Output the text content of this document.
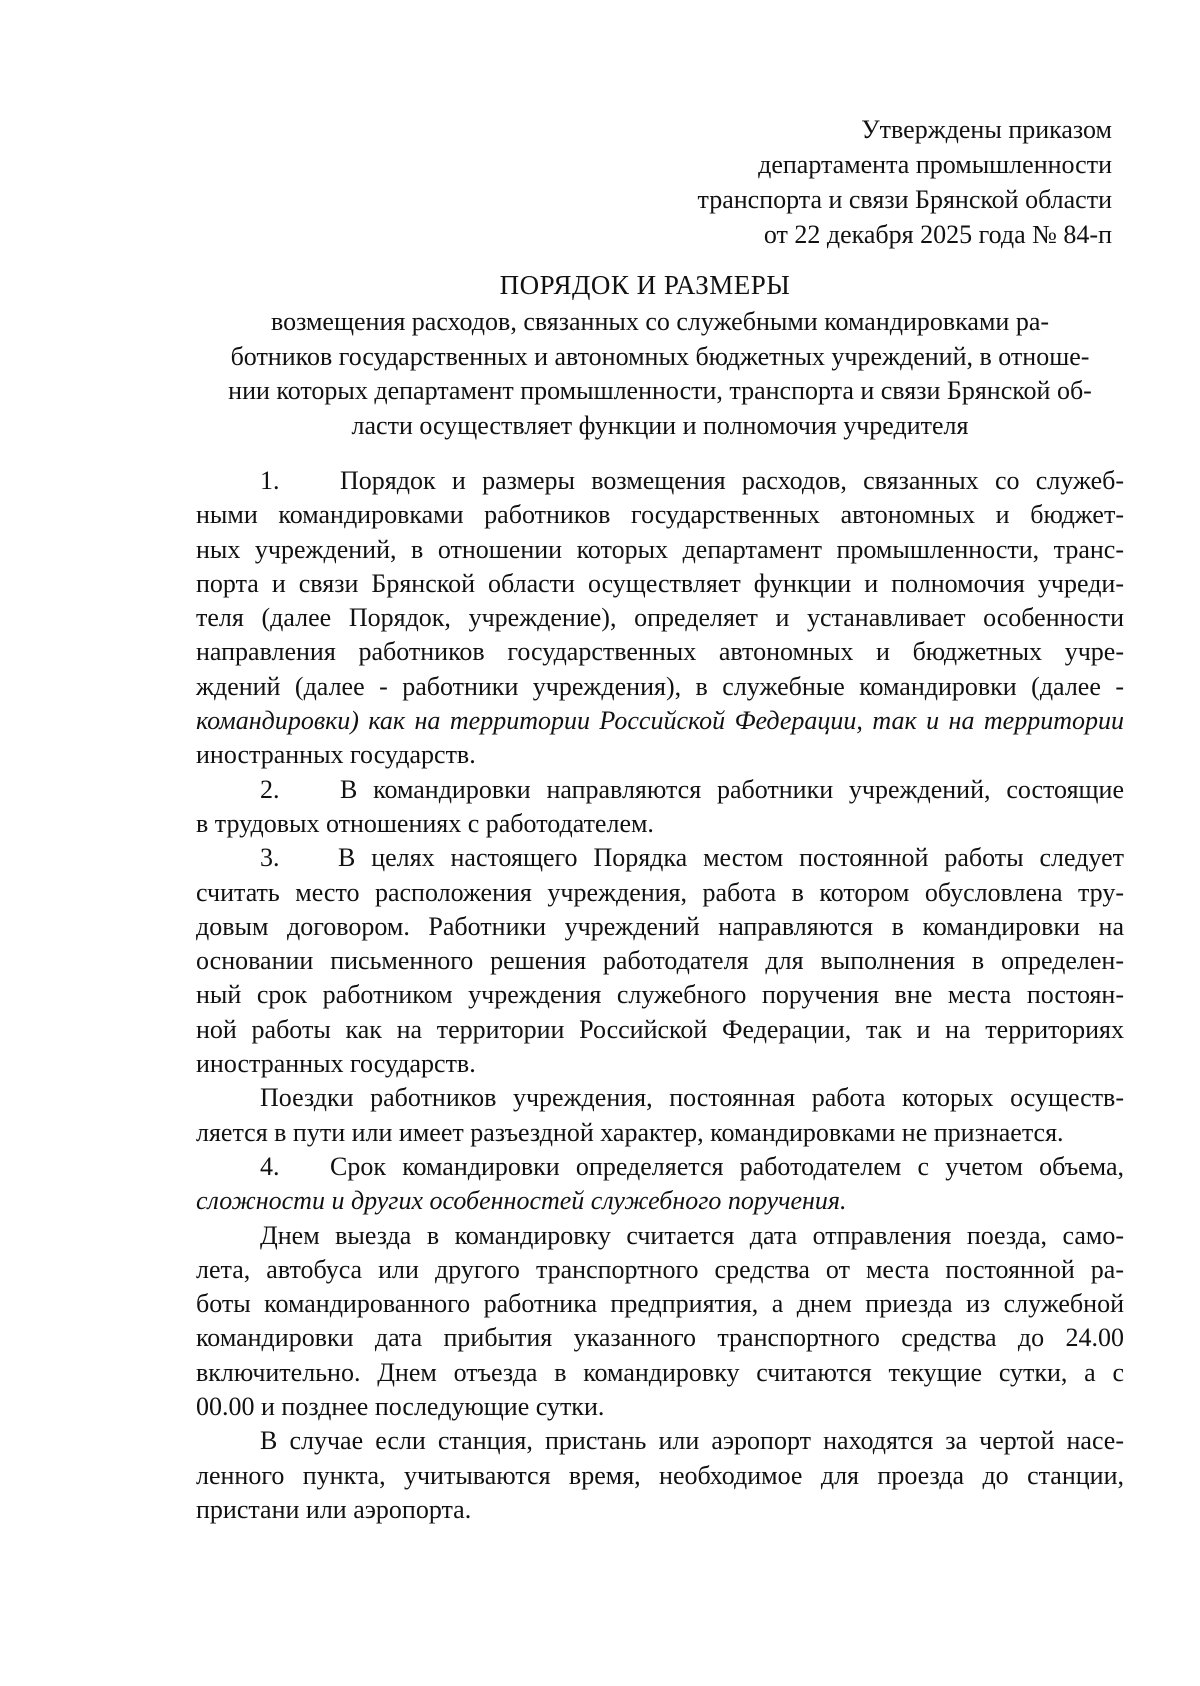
Утверждены приказом
департамента промышленности
транспорта и связи Брянской области
от 22 декабря 2025 года № 84-п
ПОРЯДОК И РАЗМЕРЫ
возмещения расходов, связанных со служебными командировками ра-
ботников государственных и автономных бюджетных учреждений, в отноше-
нии которых департамент промышленности, транспорта и связи Брянской об-
ласти осуществляет функции и полномочия учредителя
1. Порядок и размеры возмещения расходов, связанных со служеб-
ными командировками работников государственных автономных и бюджет-
ных учреждений, в отношении которых департамент промышленности, транс-
порта и связи Брянской области осуществляет функции и полномочия учреди-
теля (далее Порядок, учреждение), определяет и устанавливает особенности
направления работников государственных автономных и бюджетных учре-
ждений (далее - работники учреждения), в служебные командировки (далее -
командировки) как на территории Российской Федерации, так и на территории
иностранных государств.
2. В командировки направляются работники учреждений, состоящие
в трудовых отношениях с работодателем.
3. В целях настоящего Порядка местом постоянной работы следует
считать место расположения учреждения, работа в котором обусловлена тру-
довым договором. Работники учреждений направляются в командировки на
основании письменного решения работодателя для выполнения в определен-
ный срок работником учреждения служебного поручения вне места постоян-
ной работы как на территории Российской Федерации, так и на территориях
иностранных государств.
Поездки работников учреждения, постоянная работа которых осуществ-
ляется в пути или имеет разъездной характер, командировками не признается.
4. Срок командировки определяется работодателем с учетом объема,
сложности и других особенностей служебного поручения.
Днем выезда в командировку считается дата отправления поезда, само-
лета, автобуса или другого транспортного средства от места постоянной ра-
боты командированного работника предприятия, а днем приезда из служебной
командировки дата прибытия указанного транспортного средства до 24.00
включительно. Днем отъезда в командировку считаются текущие сутки, а с
00.00 и позднее последующие сутки.
В случае если станция, пристань или аэропорт находятся за чертой насе-
ленного пункта, учитываются время, необходимое для проезда до станции,
пристани или аэропорта.
